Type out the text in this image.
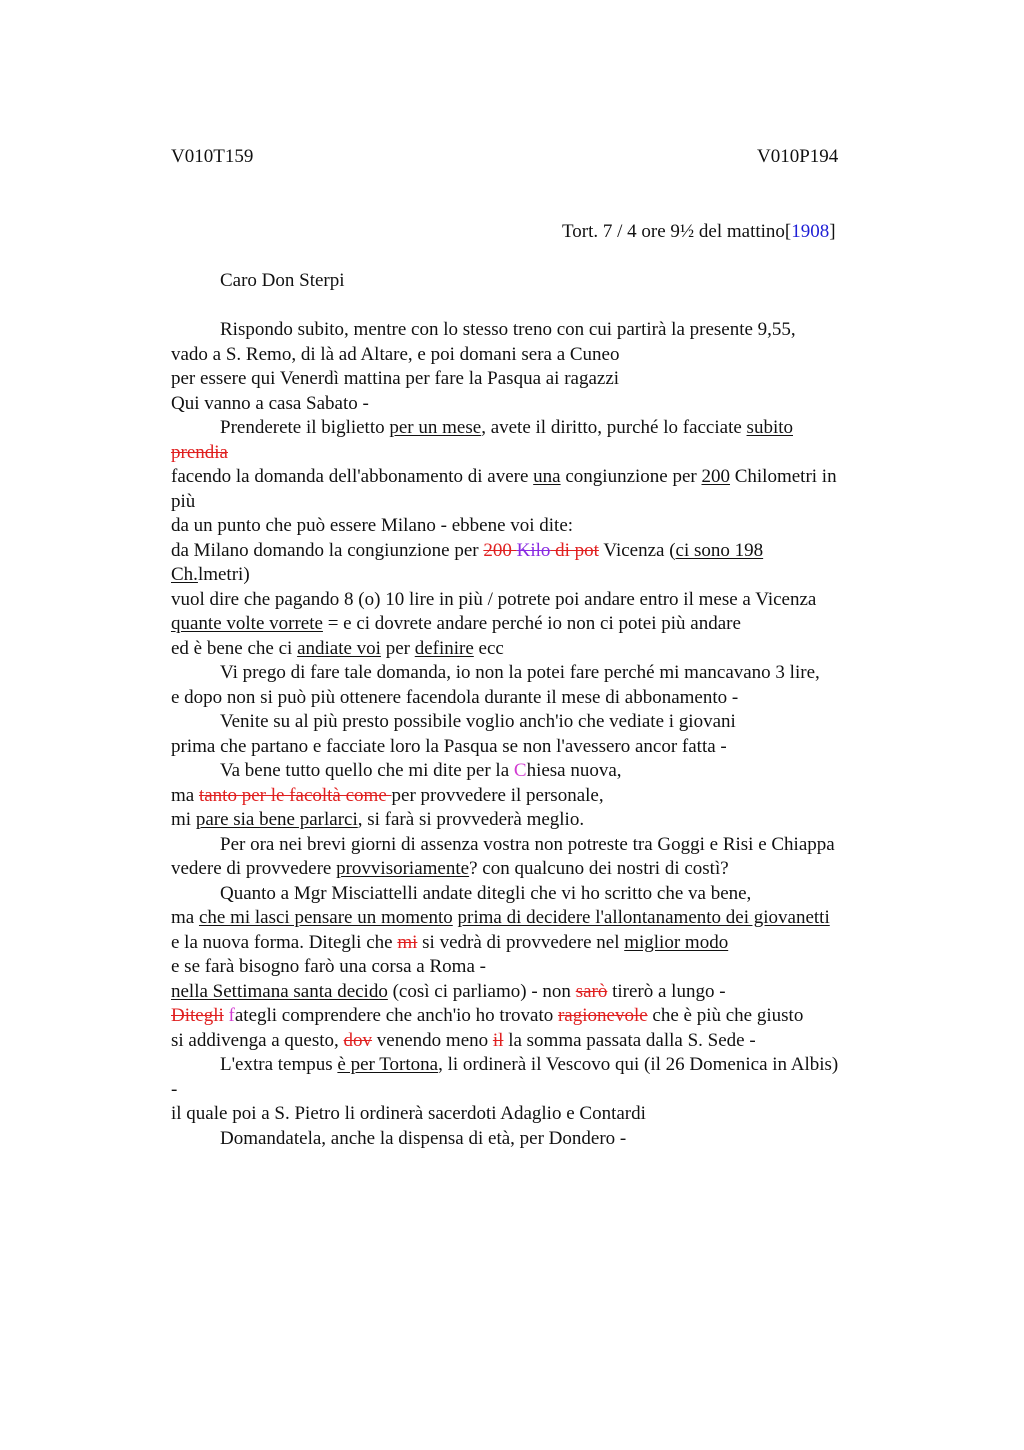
V010T159	V010P194
Tort. 7 / 4 ore 9½ del mattino[1908]
Caro Don Sterpi
Rispondo subito, mentre con lo stesso treno con cui partirà la presente 9,55,
vado a S. Remo, di là ad Altare, e poi domani sera a Cuneo
per essere qui Venerdì mattina per fare la Pasqua ai ragazzi
Qui vanno a casa Sabato -
Prenderete il biglietto per un mese, avete il diritto, purché lo facciate subito
prendia
facendo la domanda dell'abbonamento di avere una congiunzione per 200 Chilometri in
più
da un punto che può essere Milano - ebbene voi dite:
da Milano domando la congiunzione per 200 Kilo di pot Vicenza (ci sono 198
Ch.lmetri)
vuol dire che pagando 8 (o) 10 lire in più / potrete poi andare entro il mese a Vicenza
quante volte vorrete = e ci dovrete andare perché io non ci potei più andare
ed è bene che ci andiate voi per definire ecc
Vi prego di fare tale domanda, io non la potei fare perché mi mancavano 3 lire,
e dopo non si può più ottenere facendola durante il mese di abbonamento -
Venite su al più presto possibile voglio anch'io che vediate i giovani
prima che partano e facciate loro la Pasqua se non l'avessero ancor fatta -
Va bene tutto quello che mi dite per la Chiesa nuova,
ma tanto per le facoltà come per provvedere il personale,
mi pare sia bene parlarci, si farà si provvederà meglio.
Per ora nei brevi giorni di assenza vostra non potreste tra Goggi e Risi e Chiappa
vedere di provvedere provvisoriamente? con qualcuno dei nostri di costì?
Quanto a Mgr Misciattelli andate ditegli che vi ho scritto che va bene,
ma che mi lasci pensare un momento prima di decidere l'allontanamento dei giovanetti
e la nuova forma. Ditegli che mi si vedrà di provvedere nel miglior modo
e se farà bisogno farò una corsa a Roma -
nella Settimana santa decido (così ci parliamo) - non sarò tirerò a lungo -
Ditegli fategli comprendere che anch'io ho trovato ragionevole che è più che giusto
si addivenga a questo, dov venendo meno il la somma passata dalla S. Sede -
L'extra tempus è per Tortona, li ordinerà il Vescovo qui (il 26 Domenica in Albis)
-
il quale poi a S. Pietro li ordinerà sacerdoti Adaglio e Contardi
Domandatela, anche la dispensa di età, per Dondero -
